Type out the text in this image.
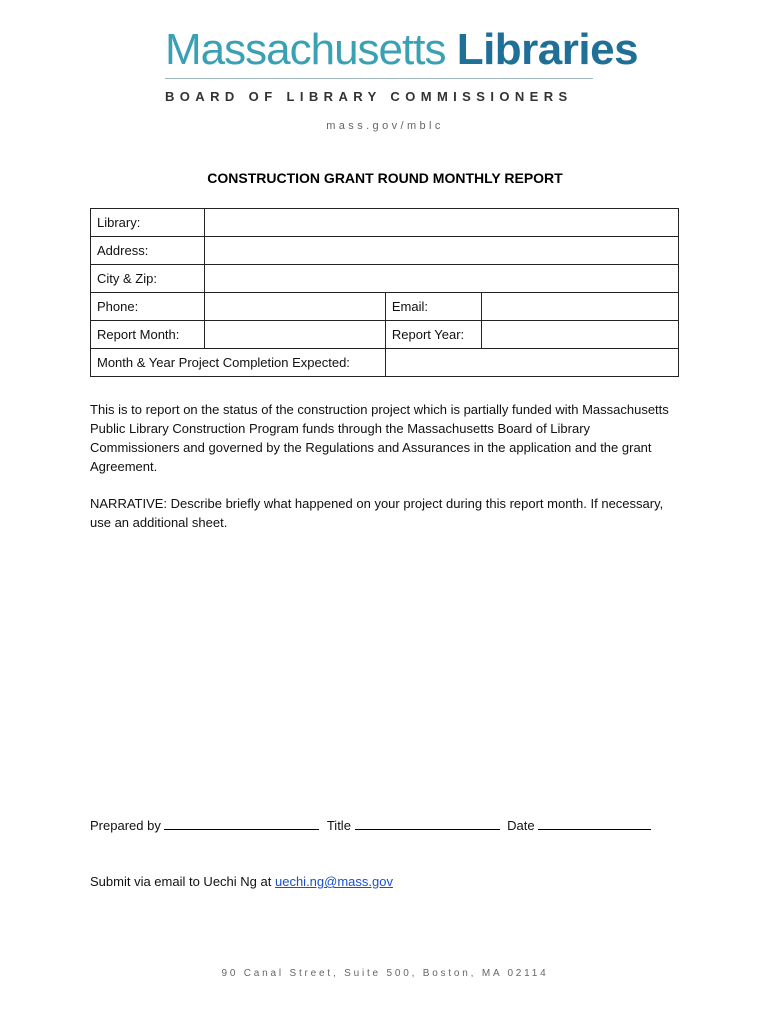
Massachusetts Libraries
BOARD OF LIBRARY COMMISSIONERS
mass.gov/mblc
CONSTRUCTION GRANT ROUND MONTHLY REPORT
Library:			
Address:			
City & Zip:			
Phone:		Email:	
Report Month:		Report Year:	
Month & Year Project Completion Expected:			

This is to report on the status of the construction project which is partially funded with Massachusetts Public Library Construction Program funds through the Massachusetts Board of Library Commissioners and governed by the Regulations and Assurances in the application and the grant Agreement.

NARRATIVE: Describe briefly what happened on your project during this report month. If necessary, use an additional sheet.

Prepared by	Title	Date
Submit via email to Uechi Ng at uechi.ng@mass.gov
90 Canal Street, Suite 500, Boston, MA 02114
